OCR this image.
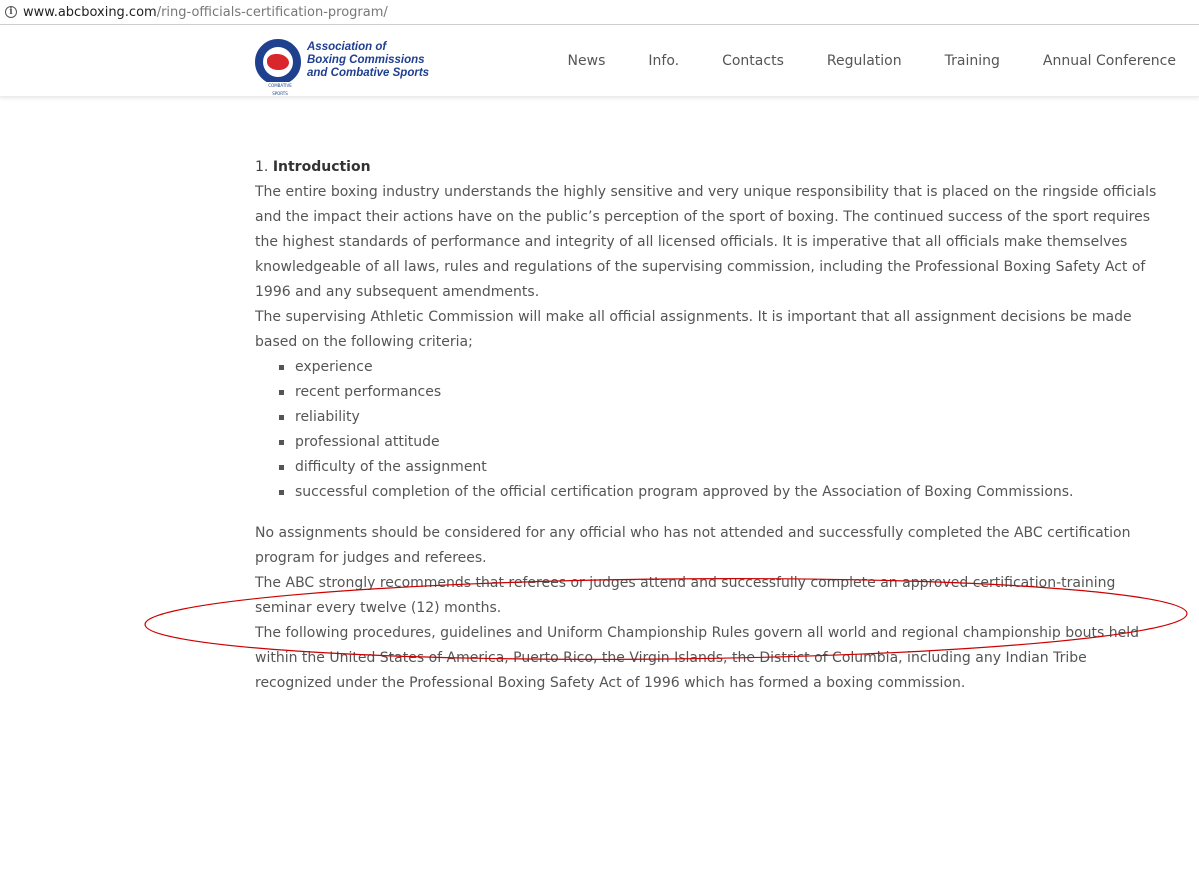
i www.abcboxing.com/ring-officials-certification-program/
COMBATIVE SPORTS
Association of
Boxing Commissions
and Combative Sports
News	Info.	Contacts	Regulation	Training	Annual Conference

1. Introduction

The entire boxing industry understands the highly sensitive and very unique responsibility that is placed on the ringside officials and the impact their actions have on the public’s perception of the sport of boxing. The continued success of the sport requires the highest standards of performance and integrity of all licensed officials. It is imperative that all officials make themselves knowledgeable of all laws, rules and regulations of the supervising commission, including the Professional Boxing Safety Act of 1996 and any subsequent amendments.

The supervising Athletic Commission will make all official assignments. It is important that all assignment decisions be made based on the following criteria;

experience
recent performances
reliability
professional attitude
difficulty of the assignment
successful completion of the official certification program approved by the Association of Boxing Commissions.

No assignments should be considered for any official who has not attended and successfully completed the ABC certification program for judges and referees.

The ABC strongly recommends that referees or judges attend and successfully complete an approved certification-training seminar every twelve (12) months.

The following procedures, guidelines and Uniform Championship Rules govern all world and regional championship bouts held within the United States of America, Puerto Rico, the Virgin Islands, the District of Columbia, including any Indian Tribe recognized under the Professional Boxing Safety Act of 1996 which has formed a boxing commission.
